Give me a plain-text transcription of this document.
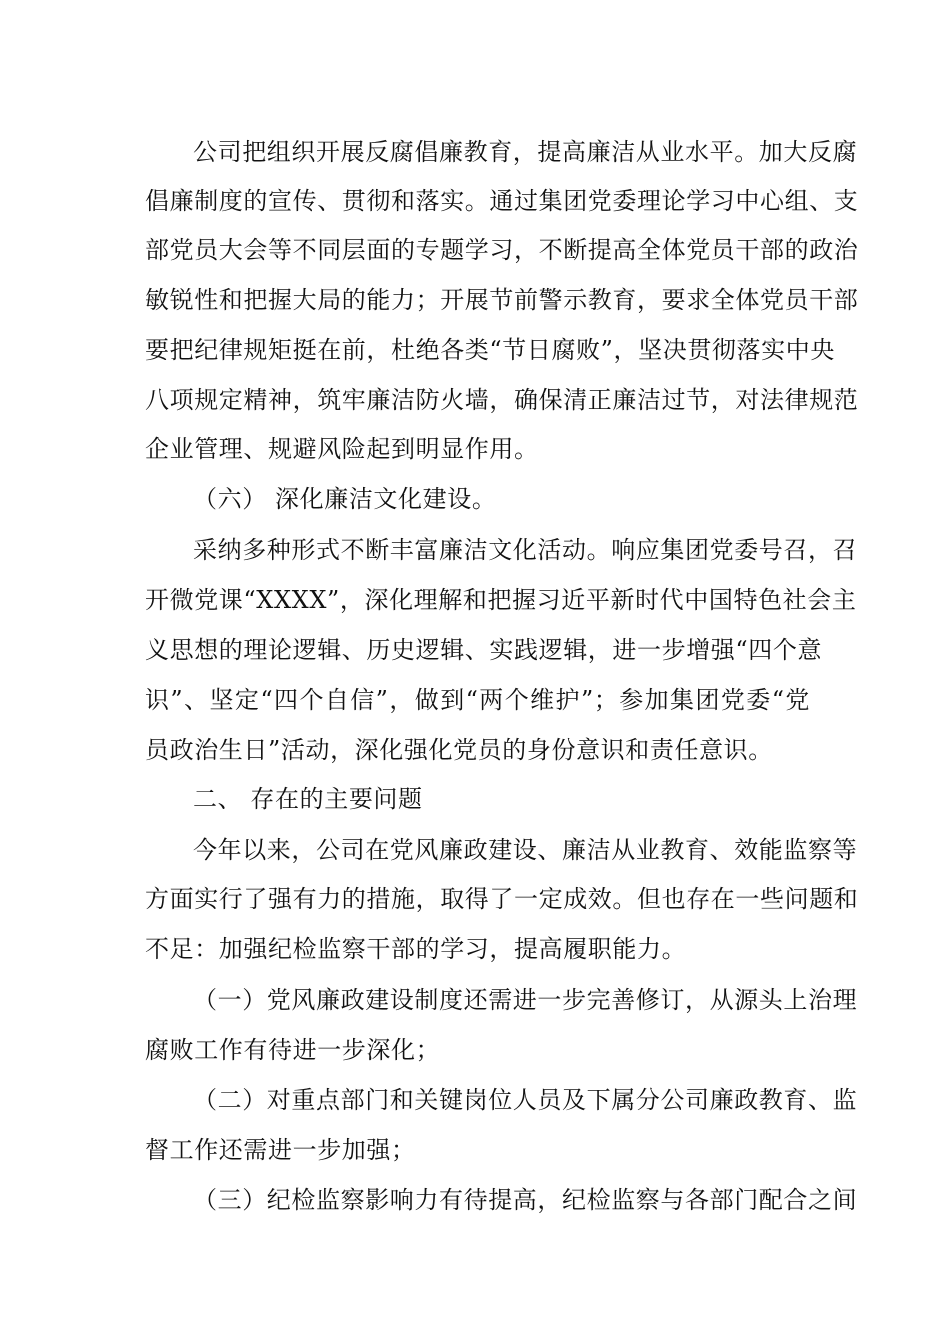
公司把组织开展反腐倡廉教育，提高廉洁从业水平。加大反腐
倡廉制度的宣传、贯彻和落实。通过集团党委理论学习中心组、支
部党员大会等不同层面的专题学习，不断提高全体党员干部的政治
敏锐性和把握大局的能力；开展节前警示教育，要求全体党员干部
要把纪律规矩挺在前，杜绝各类“节日腐败”，坚决贯彻落实中央
八项规定精神，筑牢廉洁防火墙，确保清正廉洁过节，对法律规范
企业管理、规避风险起到明显作用。
（六） 深化廉洁文化建设。
采纳多种形式不断丰富廉洁文化活动。响应集团党委号召，召
开微党课“XXXX”，深化理解和把握习近平新时代中国特色社会主
义思想的理论逻辑、历史逻辑、实践逻辑，进一步增强“四个意
识”、坚定“四个自信”，做到“两个维护”；参加集团党委“党
员政治生日”活动，深化强化党员的身份意识和责任意识。
二、 存在的主要问题
今年以来，公司在党风廉政建设、廉洁从业教育、效能监察等
方面实行了强有力的措施，取得了一定成效。但也存在一些问题和
不足：加强纪检监察干部的学习，提高履职能力。
（一）党风廉政建设制度还需进一步完善修订，从源头上治理
腐败工作有待进一步深化；
（二）对重点部门和关键岗位人员及下属分公司廉政教育、监
督工作还需进一步加强；
（三）纪检监察影响力有待提高，纪检监察与各部门配合之间
